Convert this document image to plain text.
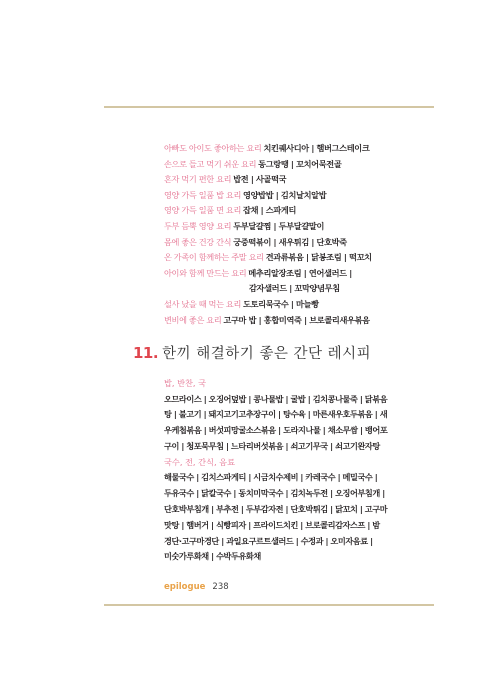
아빠도 아이도 좋아하는 요리 치킨퀘사디아 | 햄버그스테이크
손으로 들고 먹기 쉬운 요리 동그랑땡 | 꼬치어묵전골
혼자 먹기 편한 요리 밥전 | 사골떡국
영양 가득 일품 밥 요리 영양밥밥 | 김치날치알밥
영양 가득 일품 면 요리 잡채 | 스파게티
두부 듬뿍 영양 요리 두부달걀찜 | 두부달걀말이
몸에 좋은 건강 간식 궁중떡볶이 | 새우튀김 | 단호박죽
온 가족이 함께하는 주말 요리 견과류볶음 | 닭봉조림 | 떡꼬치
아이와 함께 만드는 요리 메추리알장조림 | 연어샐러드 |
감자샐러드 | 꼬막양념무침
설사 났을 때 먹는 요리 도토리묵국수 | 마늘빵
변비에 좋은 요리 고구마 밥 | 홍합미역죽 | 브로콜리새우볶음
11. 한끼 해결하기 좋은 간단 레시피
밥, 반찬, 국
오므라이스 | 오징어덮밥 | 콩나물밥 | 굴밥 | 김치콩나물죽 | 닭볶음
탕 | 불고기 | 돼지고기고추장구이 | 탕수육 | 마른새우호두볶음 | 새
우케첩볶음 | 버섯피망굴소스볶음 | 도라지나물 | 채소무쌈 | 뱅어포
구이 | 청포묵무침 | 느타리버섯볶음 | 쇠고기무국 | 쇠고기완자탕
국수, 전, 간식, 음료
해물국수 | 김치스파게티 | 시금치수제비 | 카레국수 | 메밀국수 |
두유국수 | 닭칼국수 | 동치미막국수 | 김치녹두전 | 오징어부침개 |
단호박부침개 | 부추전 | 두부감자전 | 단호박튀김 | 닭꼬치 | 고구마
맛탕 | 햄버거 | 식빵피자 | 프라이드치킨 | 브로콜리감자스프 | 밤
경단·고구마경단 | 과일요구르트샐러드 | 수정과 | 오미자음료 |
미숫가루화채 | 수박두유화채
epilogue 238
